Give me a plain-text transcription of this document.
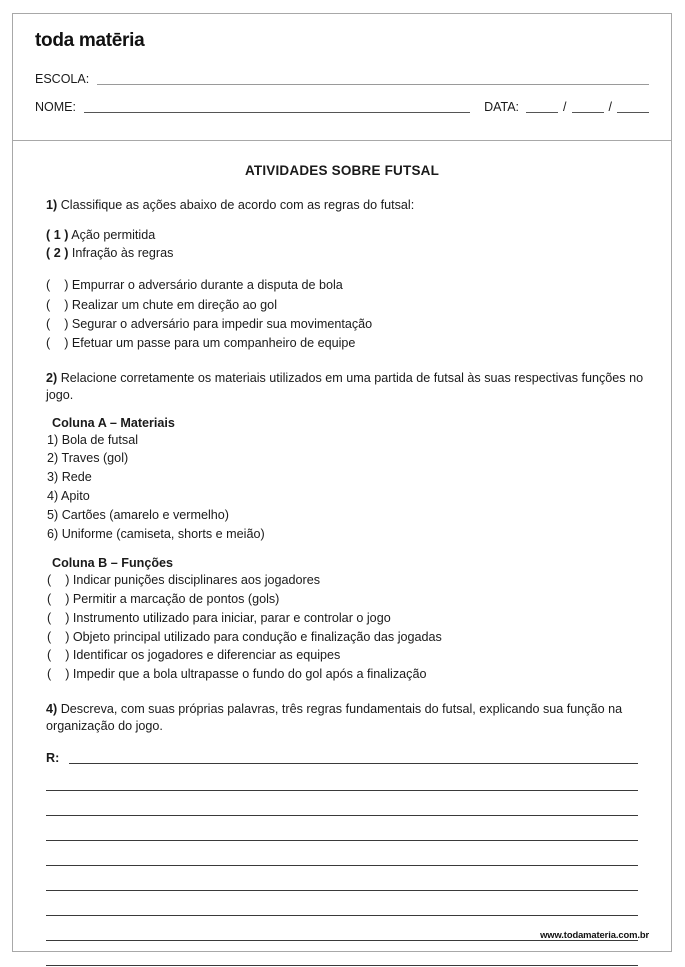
toda matēria
ESCOLA:
NOME:	DATA:	/	/
ATIVIDADES SOBRE FUTSAL
1) Classifique as ações abaixo de acordo com as regras do futsal:
( 1 ) Ação permitida
( 2 ) Infração às regras
(    ) Empurrar o adversário durante a disputa de bola
(    ) Realizar um chute em direção ao gol
(    ) Segurar o adversário para impedir sua movimentação
(    ) Efetuar um passe para um companheiro de equipe
2) Relacione corretamente os materiais utilizados em uma partida de futsal às suas respectivas funções no jogo.
Coluna A – Materiais
1) Bola de futsal
2) Traves (gol)
3) Rede
4) Apito
5) Cartões (amarelo e vermelho)
6) Uniforme (camiseta, shorts e meião)
Coluna B – Funções
(    ) Indicar punições disciplinares aos jogadores
(    ) Permitir a marcação de pontos (gols)
(    ) Instrumento utilizado para iniciar, parar e controlar o jogo
(    ) Objeto principal utilizado para condução e finalização das jogadas
(    ) Identificar os jogadores e diferenciar as equipes
(    ) Impedir que a bola ultrapasse o fundo do gol após a finalização
4) Descreva, com suas próprias palavras, três regras fundamentais do futsal, explicando sua função na organização do jogo.
R:
www.todamateria.com.br
